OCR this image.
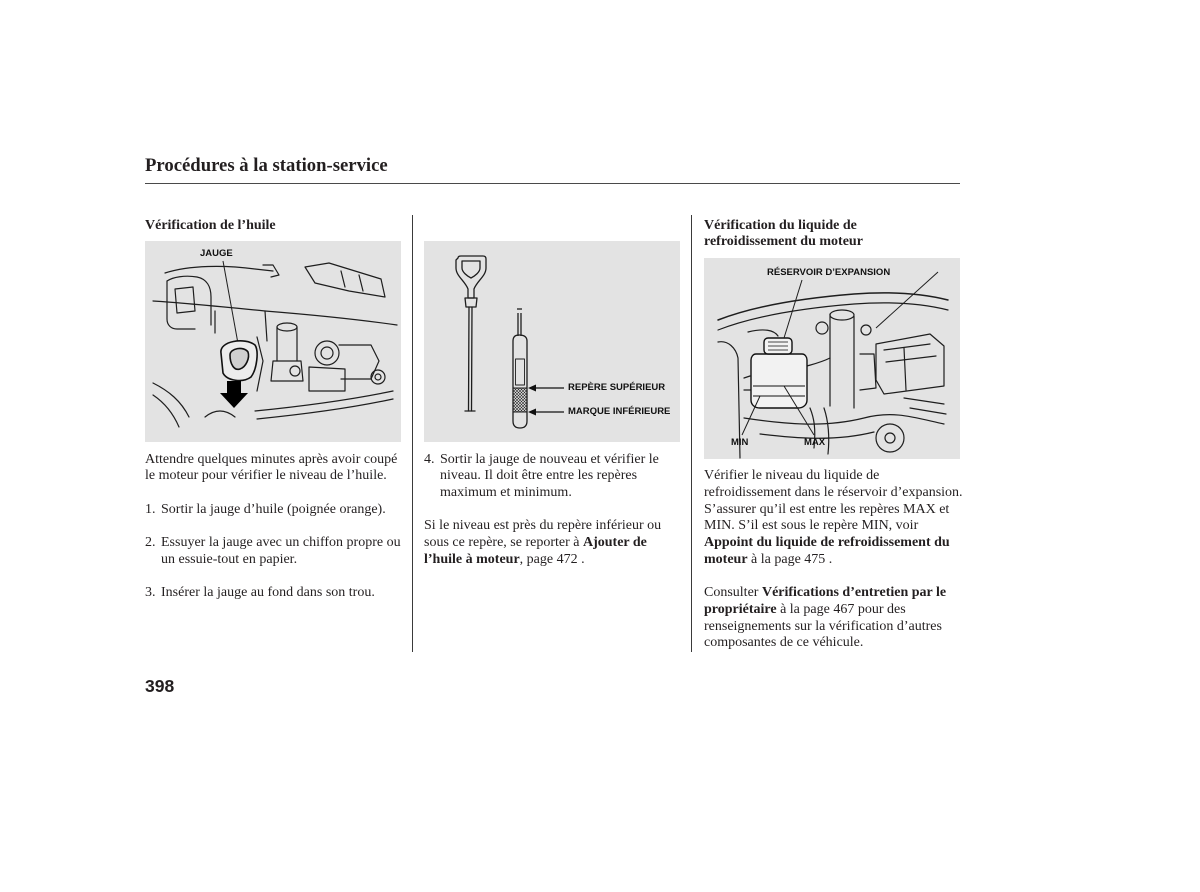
Procédures à la station-service
Vérification de l’huile
JAUGE
Attendre quelques minutes après avoir coupé
le moteur pour vérifier le niveau de l’huile.
1. Sortir la jauge d’huile (poignée orange).
2. Essuyer la jauge avec un chiffon propre ou
un essuie-tout en papier.
3. Insérer la jauge au fond dans son trou.
REPÈRE SUPÉRIEUR
MARQUE INFÉRIEURE
4. Sortir la jauge de nouveau et vérifier le
niveau. Il doit être entre les repères
maximum et minimum.
Si le niveau est près du repère inférieur ou
sous ce repère, se reporter à Ajouter de
l’huile à moteur, page 472 .
Vérification du liquide de
refroidissement du moteur
RÉSERVOIR D’EXPANSION
MIN	MAX
Vérifier le niveau du liquide de
refroidissement dans le réservoir d’expansion.
S’assurer qu’il est entre les repères MAX et
MIN. S’il est sous le repère MIN, voir
Appoint du liquide de refroidissement du
moteur à la page 475 .
Consulter Vérifications d’entretien par le
propriétaire à la page 467 pour des
renseignements sur la vérification d’autres
composantes de ce véhicule.
398
